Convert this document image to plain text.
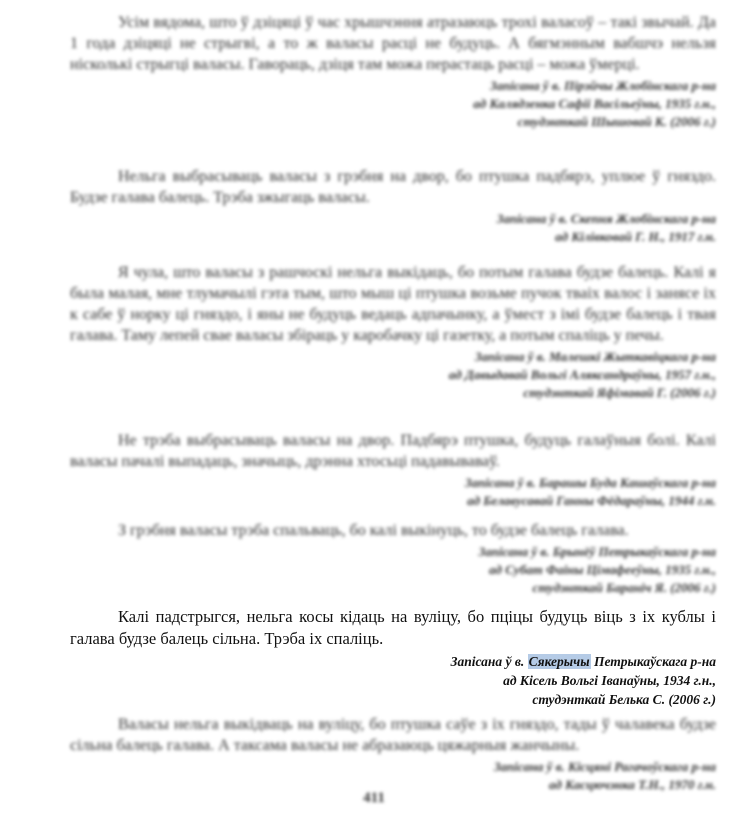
Усім вядома, што ў дзіцяці ў час хрышчэння атразаюць трохі валасоў – такі звычай. Да 1 года дзіцяці не стрыгві, а то ж валасы расці не будуць. А бягмэнным вабшчэ нельзя нiсколькi стрыгці валасы. Гавораць, дзіця там можа перастаць расці – можа ўмерці.

Запісана ў в. Пірэйчы Жлобінскага р-на
ад Калядзенка Сафіі Васільеўны, 1935 г.н.,
студэнткай Шышовай К. (2006 г.)

Нельга выбрасываць валасы з грэбня на двор, бо птушка падбярэ, уплюе ў гняздо. Будзе галава балець. Трэба зжыгаць валасы.

Запісана ў в. Скепня Жлобінскага р-на
ад Кілівковай Г. Н., 1917 г.н.

Я чула, што валасы з рашчоскі нельга выкідаць, бо потым галава будзе балець. Калі я была малая, мне тлумачылі гэта тым, што мыш ці птушка возьме пучок тваіх валос і занясе іх к сабе ў норку ці гняздо, і яны не будуць ведаць адпачынку, а ўмест з імі будзе балець і твая галава. Таму лепей свае валасы збіраць у каробачку ці газетку, а потым спаліць у печы.

Запісана ў в. Малешкі Жыткавіцкага р-на
ад Давыдавай Вольгі Аляксандраўны, 1957 г.н.,
студэнткай Яфімавай Г. (2006 г.)

Не трэба выбрасываць валасы на двор. Падбярэ птушка, будуць галаўныя болі. Калі валасы пачалі выпадаць, значыць, дрэнна хтосьці падавываваў.

Запісана ў в. Барашы Буда Кашаўскага р-на
ад Белавусавай Ганны Фёдараўны, 1944 г.н.

З грэбня валасы трэба спальваць, бо калі выкінуць, то будзе балець галава.

Запісана ў в. Брынёў Петрыкаўскага р-на
ад Субат Фаіны Цімафееўны, 1935 г.н.,
студэнткай Бараніч Я. (2006 г.)

Калі падстрыгся, нельга косы кідаць на вуліцу, бо пціцы будуць віць з іх кублы і галава будзе балець сільна. Трэба іх спаліць.

Запісана ў в. Сякерычы Петрыкаўскага р-на
ад Кісель Вольгі Іванаўны, 1934 г.н.,
студэнткай Белька С. (2006 г.)

Валасы нельга выкідваць на вуліцу, бо птушка саўе з іх гняздо, тады ў чалавека будзе сільна балець галава. А таксама валасы не абразаюць цяжарныя жанчыны.

Запісана ў в. Кісцяні Рагачоўскага р-на
ад Касцючэнка Т.Н., 1970 г.н.

411
